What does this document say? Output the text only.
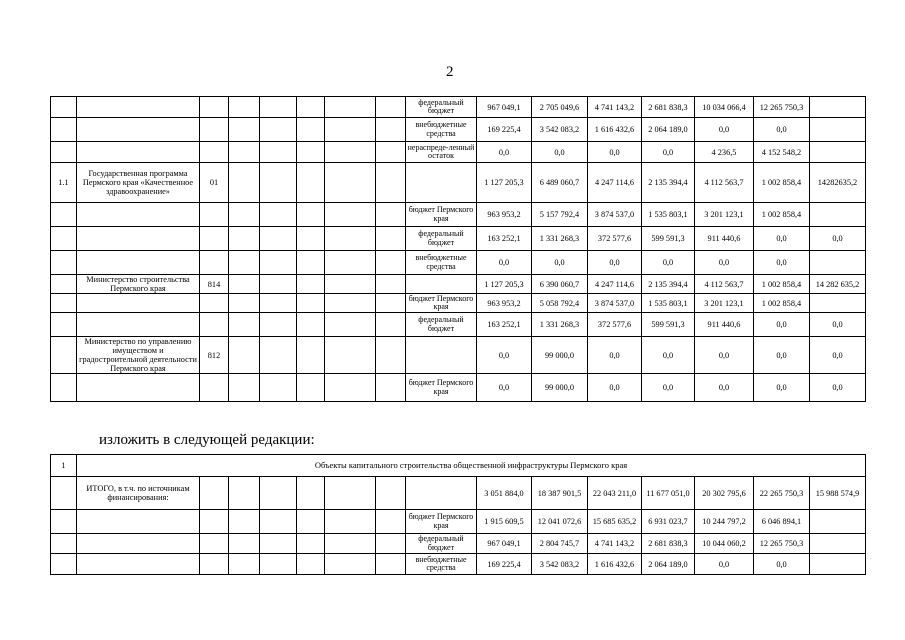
2
								федеральный бюджет	967 049,1	2 705 049,6	4 741 143,2	2 681 838,3	10 034 066,4	12 265 750,3	
								внебюджетные средства	169 225,4	3 542 083,2	1 616 432,6	2 064 189,0	0,0	0,0	
								нераспреде-ленный остаток	0,0	0,0	0,0	0,0	4 236,5	4 152 548,2	
1.1	Государственная программа Пермского края «Качественное здравоохранение»	01							1 127 205,3	6 489 060,7	4 247 114,6	2 135 394,4	4 112 563,7	1 002 858,4	14282635,2
								бюджет Пермского края	963 953,2	5 157 792,4	3 874 537,0	1 535 803,1	3 201 123,1	1 002 858,4	
								федеральный бюджет	163 252,1	1 331 268,3	372 577,6	599 591,3	911 440,6	0,0	0,0
								внебюджетные средства	0,0	0,0	0,0	0,0	0,0	0,0	
	Министерство строительства Пермского края	814							1 127 205,3	6 390 060,7	4 247 114,6	2 135 394,4	4 112 563,7	1 002 858,4	14 282 635,2
								бюджет Пермского края	963 953,2	5 058 792,4	3 874 537,0	1 535 803,1	3 201 123,1	1 002 858,4	
								федеральный бюджет	163 252,1	1 331 268,3	372 577,6	599 591,3	911 440,6	0,0	0,0
	Министерство по управлению имуществом и градостроительной деятельности Пермского края	812							0,0	99 000,0	0,0	0,0	0,0	0,0	0,0
								бюджет Пермского края	0,0	99 000,0	0,0	0,0	0,0	0,0	0,0
изложить в следующей редакции:
1	Объекты капитального строительства общественной инфраструктуры Пермского края														
	ИТОГО, в т.ч. по источникам финансирования:								3 051 884,0	18 387 901,5	22 043 211,0	11 677 051,0	20 302 795,6	22 265 750,3	15 988 574,9
								бюджет Пермского края	1 915 609,5	12 041 072,6	15 685 635,2	6 931 023,7	10 244 797,2	6 046 894,1	
								федеральный бюджет	967 049,1	2 804 745,7	4 741 143,2	2 681 838,3	10 044 060,2	12 265 750,3	
								внебюджетные средства	169 225,4	3 542 083,2	1 616 432,6	2 064 189,0	0,0	0,0	
